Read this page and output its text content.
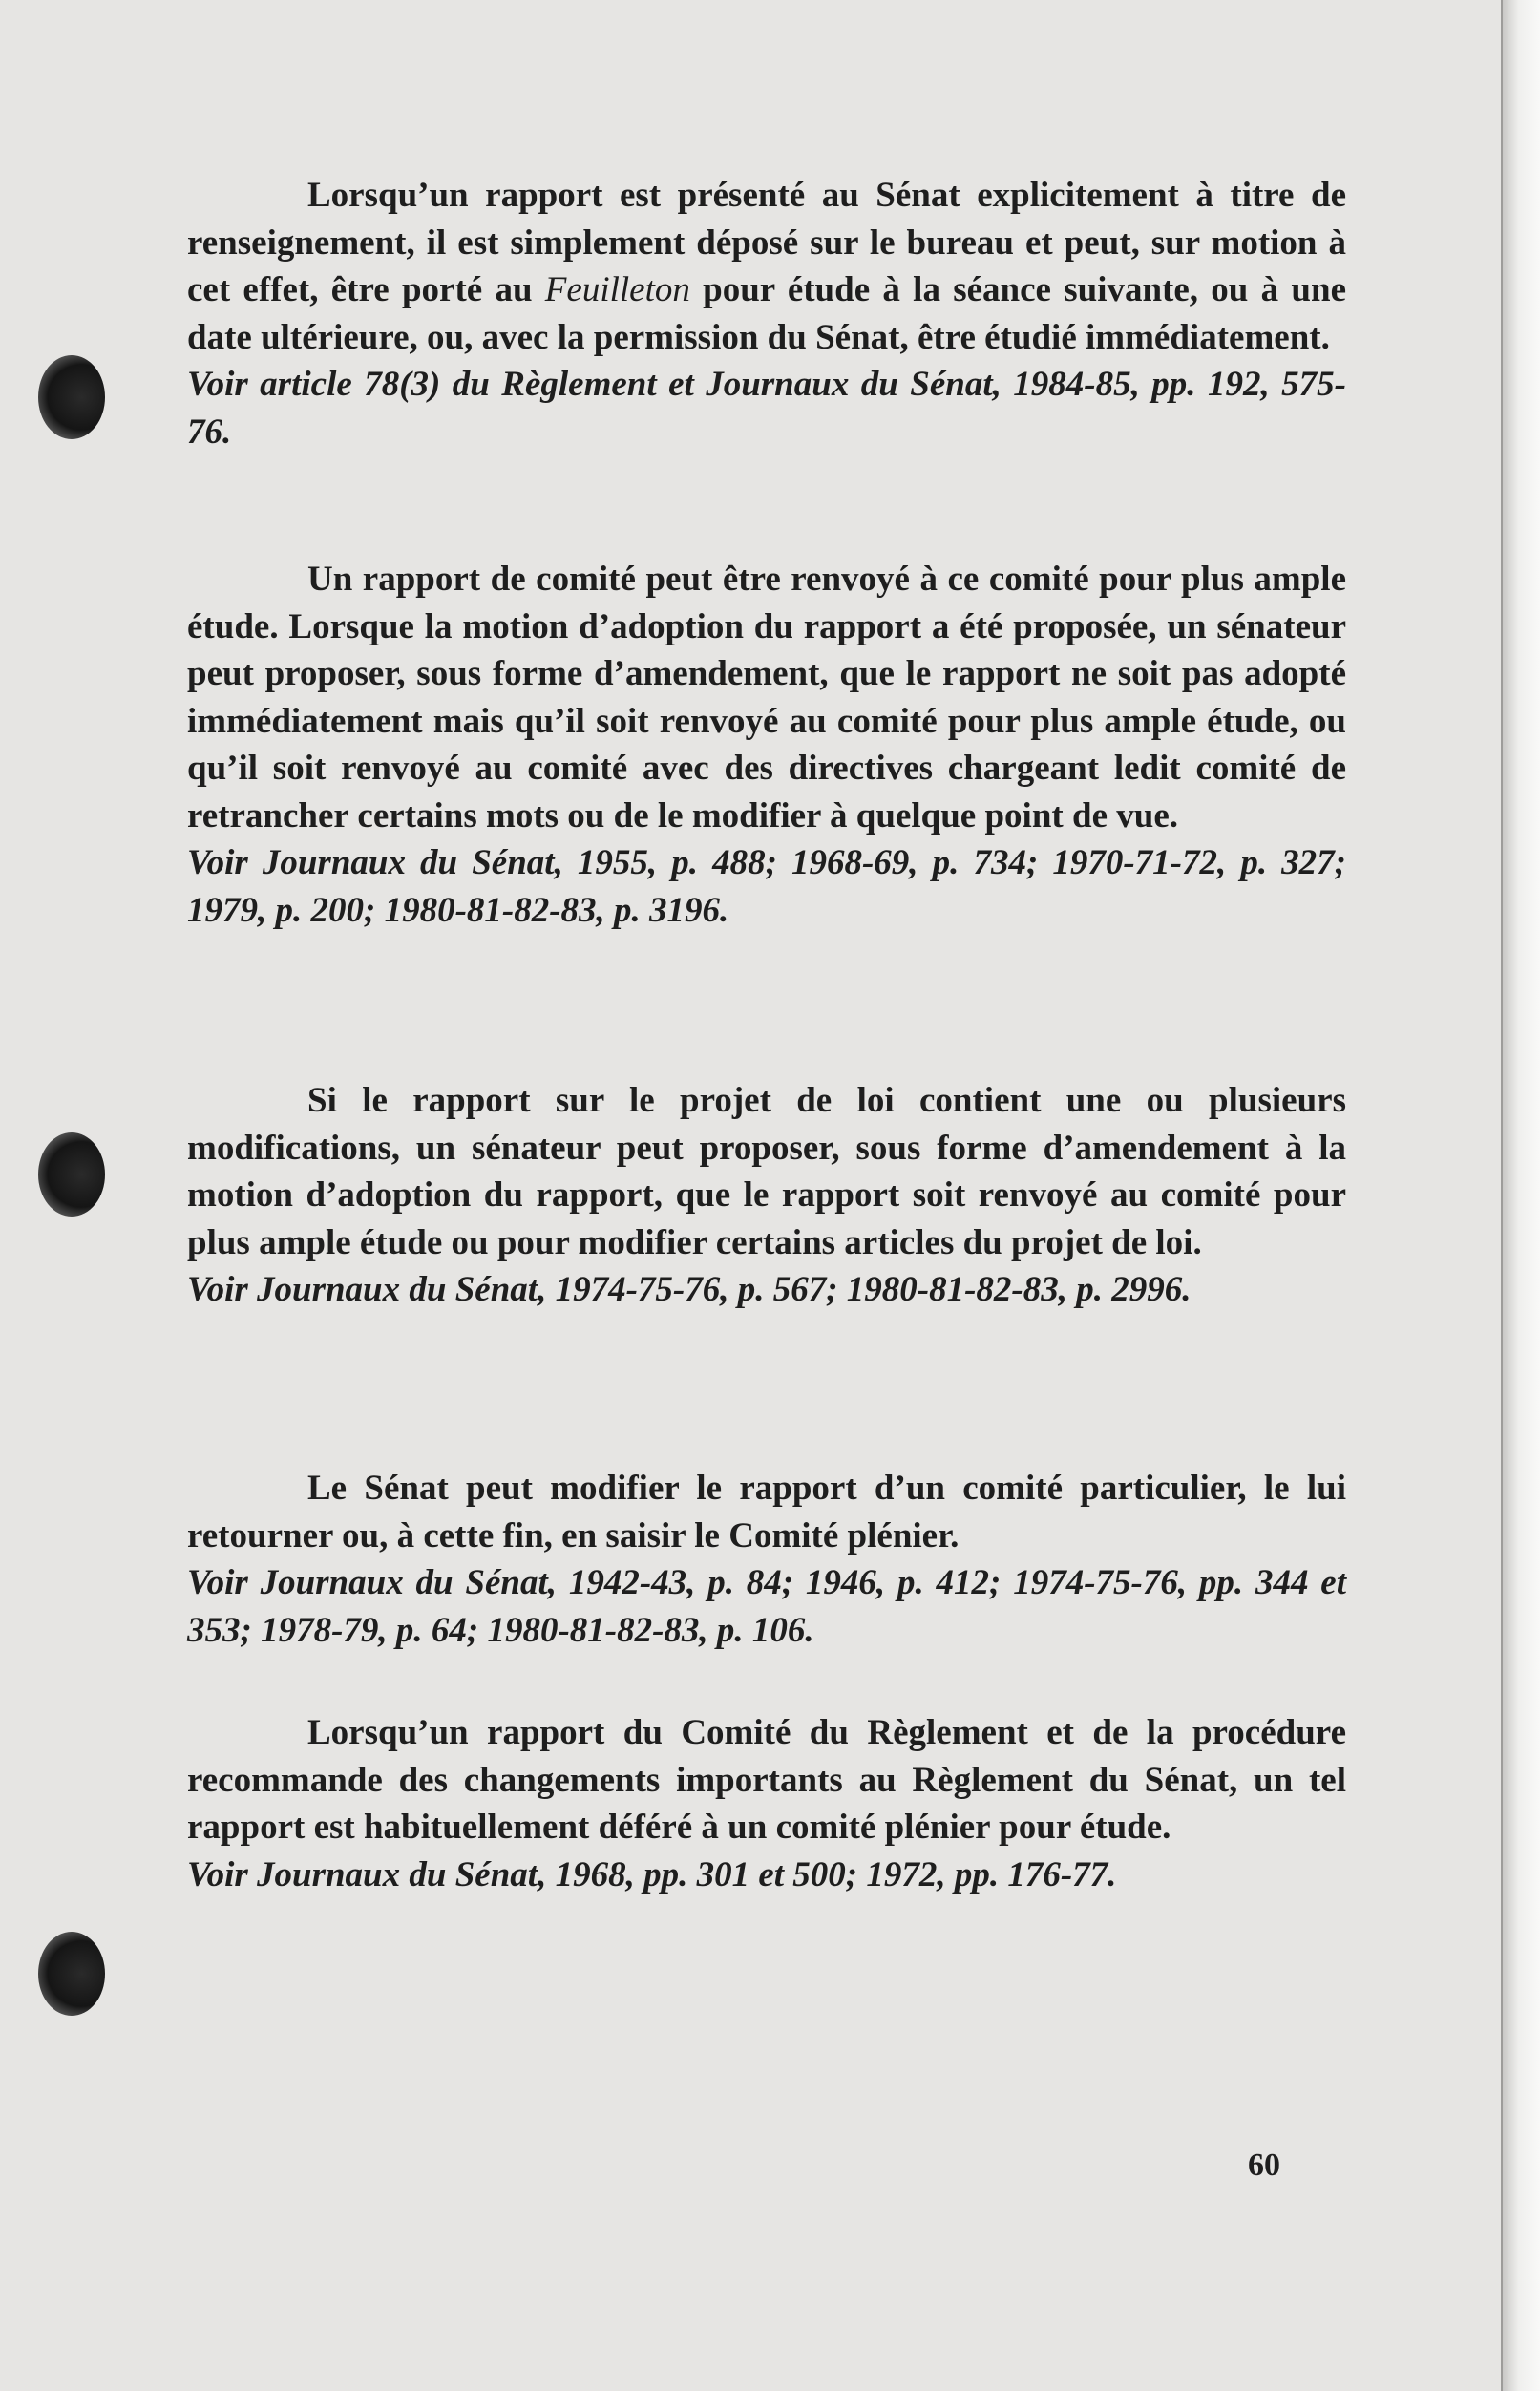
Lorsqu’un rapport est présenté au Sénat explicitement à titre de renseignement, il est simplement déposé sur le bureau et peut, sur motion à cet effet, être porté au Feuilleton pour étude à la séance suivante, ou à une date ultérieure, ou, avec la permission du Sénat, être étudié immédiatement.

Voir article 78(3) du Règlement et Journaux du Sénat, 1984-85, pp. 192, 575-76.

Un rapport de comité peut être renvoyé à ce comité pour plus ample étude. Lorsque la motion d’adoption du rapport a été proposée, un sénateur peut proposer, sous forme d’amendement, que le rapport ne soit pas adopté immédiatement mais qu’il soit renvoyé au comité pour plus ample étude, ou qu’il soit renvoyé au comité avec des directives chargeant ledit comité de retrancher certains mots ou de le modifier à quelque point de vue.

Voir Journaux du Sénat, 1955, p. 488; 1968-69, p. 734; 1970-71-72, p. 327; 1979, p. 200; 1980-81-82-83, p. 3196.

Si le rapport sur le projet de loi contient une ou plusieurs modifications, un sénateur peut proposer, sous forme d’amendement à la motion d’adoption du rapport, que le rapport soit renvoyé au comité pour plus ample étude ou pour modifier certains articles du projet de loi.

Voir Journaux du Sénat, 1974-75-76, p. 567; 1980-81-82-83, p. 2996.

Le Sénat peut modifier le rapport d’un comité particulier, le lui retourner ou, à cette fin, en saisir le Comité plénier.

Voir Journaux du Sénat, 1942-43, p. 84; 1946, p. 412; 1974-75-76, pp. 344 et 353; 1978-79, p. 64; 1980-81-82-83, p. 106.

Lorsqu’un rapport du Comité du Règlement et de la procédure recommande des changements importants au Règlement du Sénat, un tel rapport est habituellement déféré à un comité plénier pour étude.

Voir Journaux du Sénat, 1968, pp. 301 et 500; 1972, pp. 176-77.

60
